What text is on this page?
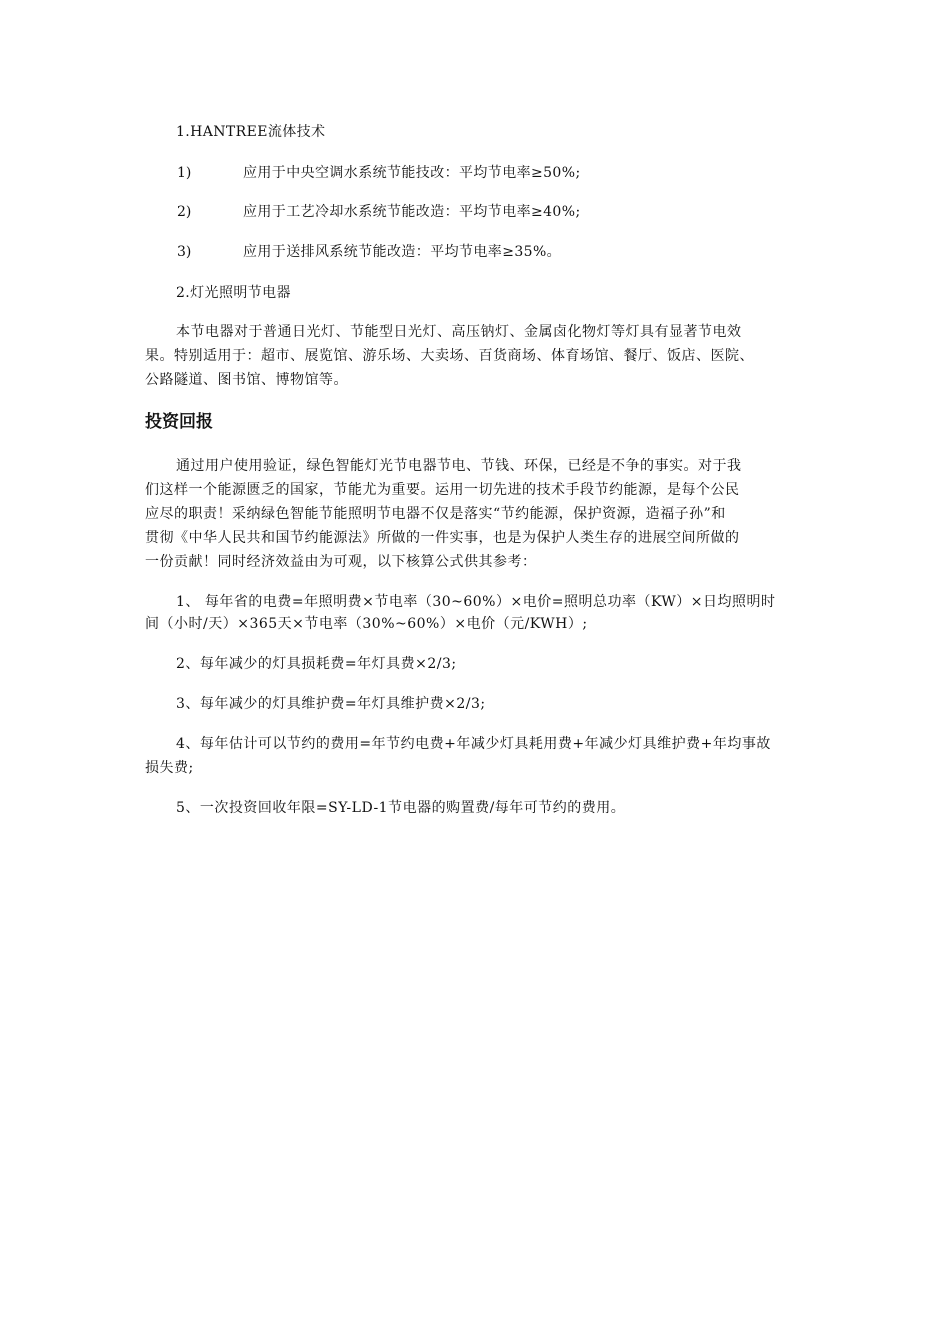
1.HANTREE流体技术
1)	应用于中央空调水系统节能技改：平均节电率≥50%;
2)	应用于工艺冷却水系统节能改造：平均节电率≥40%;
3)	应用于送排风系统节能改造：平均节电率≥35%。
2.灯光照明节电器
本节电器对于普通日光灯、节能型日光灯、高压钠灯、金属卤化物灯等灯具有显著节电效
果。特别适用于：超市、展览馆、游乐场、大卖场、百货商场、体育场馆、餐厅、饭店、医院、
公路隧道、图书馆、博物馆等。
投资回报
通过用户使用验证，绿色智能灯光节电器节电、节钱、环保，已经是不争的事实。对于我
们这样一个能源匮乏的国家，节能尤为重要。运用一切先进的技术手段节约能源，是每个公民
应尽的职责！采纳绿色智能节能照明节电器不仅是落实“节约能源，保护资源，造福子孙”和
贯彻《中华人民共和国节约能源法》所做的一件实事，也是为保护人类生存的进展空间所做的
一份贡献！同时经济效益由为可观，以下核算公式供其参考：
1、 每年省的电费=年照明费×节电率（30~60%）×电价=照明总功率（KW）×日均照明时
间（小时/天）×365天×节电率（30%~60%）×电价（元/KWH）;
2、每年减少的灯具损耗费=年灯具费×2/3;
3、每年减少的灯具维护费=年灯具维护费×2/3;
4、每年估计可以节约的费用=年节约电费+年减少灯具耗用费+年减少灯具维护费+年均事故
损失费;
5、一次投资回收年限=SY-LD-1节电器的购置费/每年可节约的费用。
